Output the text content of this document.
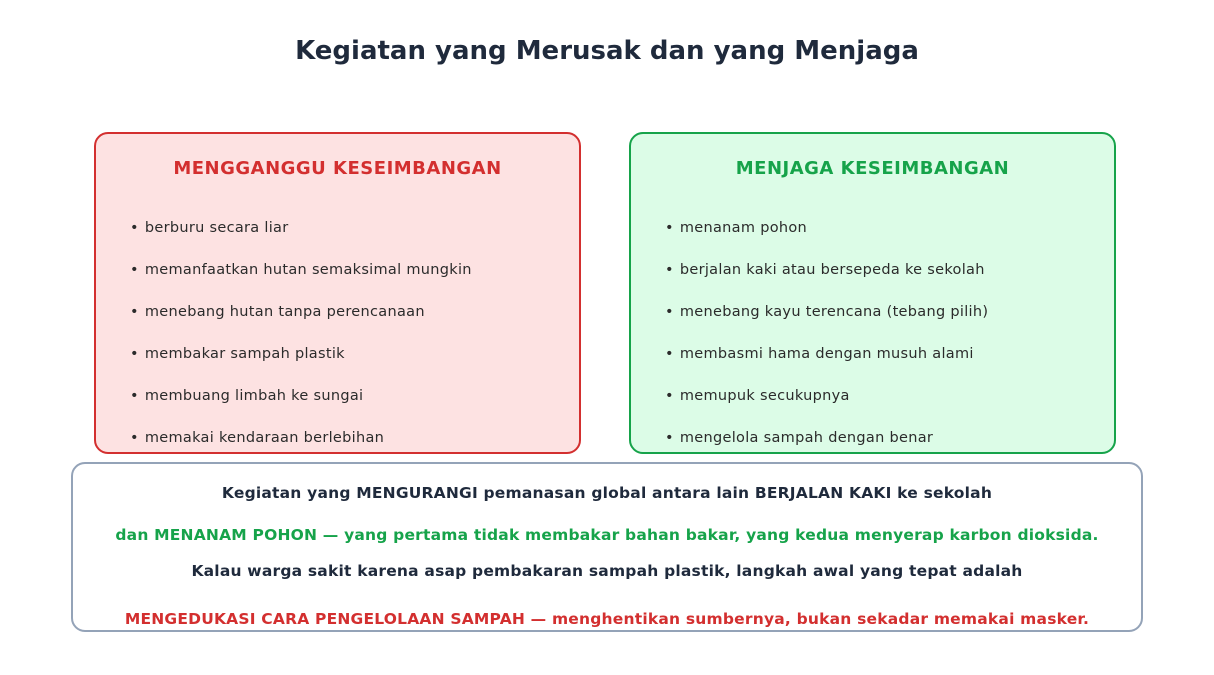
Kegiatan yang Merusak dan yang Menjaga
MENGGANGGU KESEIMBANGAN
• berburu secara liar
• memanfaatkan hutan semaksimal mungkin
• menebang hutan tanpa perencanaan
• membakar sampah plastik
• membuang limbah ke sungai
• memakai kendaraan berlebihan
MENJAGA KESEIMBANGAN
• menanam pohon
• berjalan kaki atau bersepeda ke sekolah
• menebang kayu terencana (tebang pilih)
• membasmi hama dengan musuh alami
• memupuk secukupnya
• mengelola sampah dengan benar
Kegiatan yang MENGURANGI pemanasan global antara lain BERJALAN KAKI ke sekolah
dan MENANAM POHON — yang pertama tidak membakar bahan bakar, yang kedua menyerap karbon dioksida.
Kalau warga sakit karena asap pembakaran sampah plastik, langkah awal yang tepat adalah
MENGEDUKASI CARA PENGELOLAAN SAMPAH — menghentikan sumbernya, bukan sekadar memakai masker.
